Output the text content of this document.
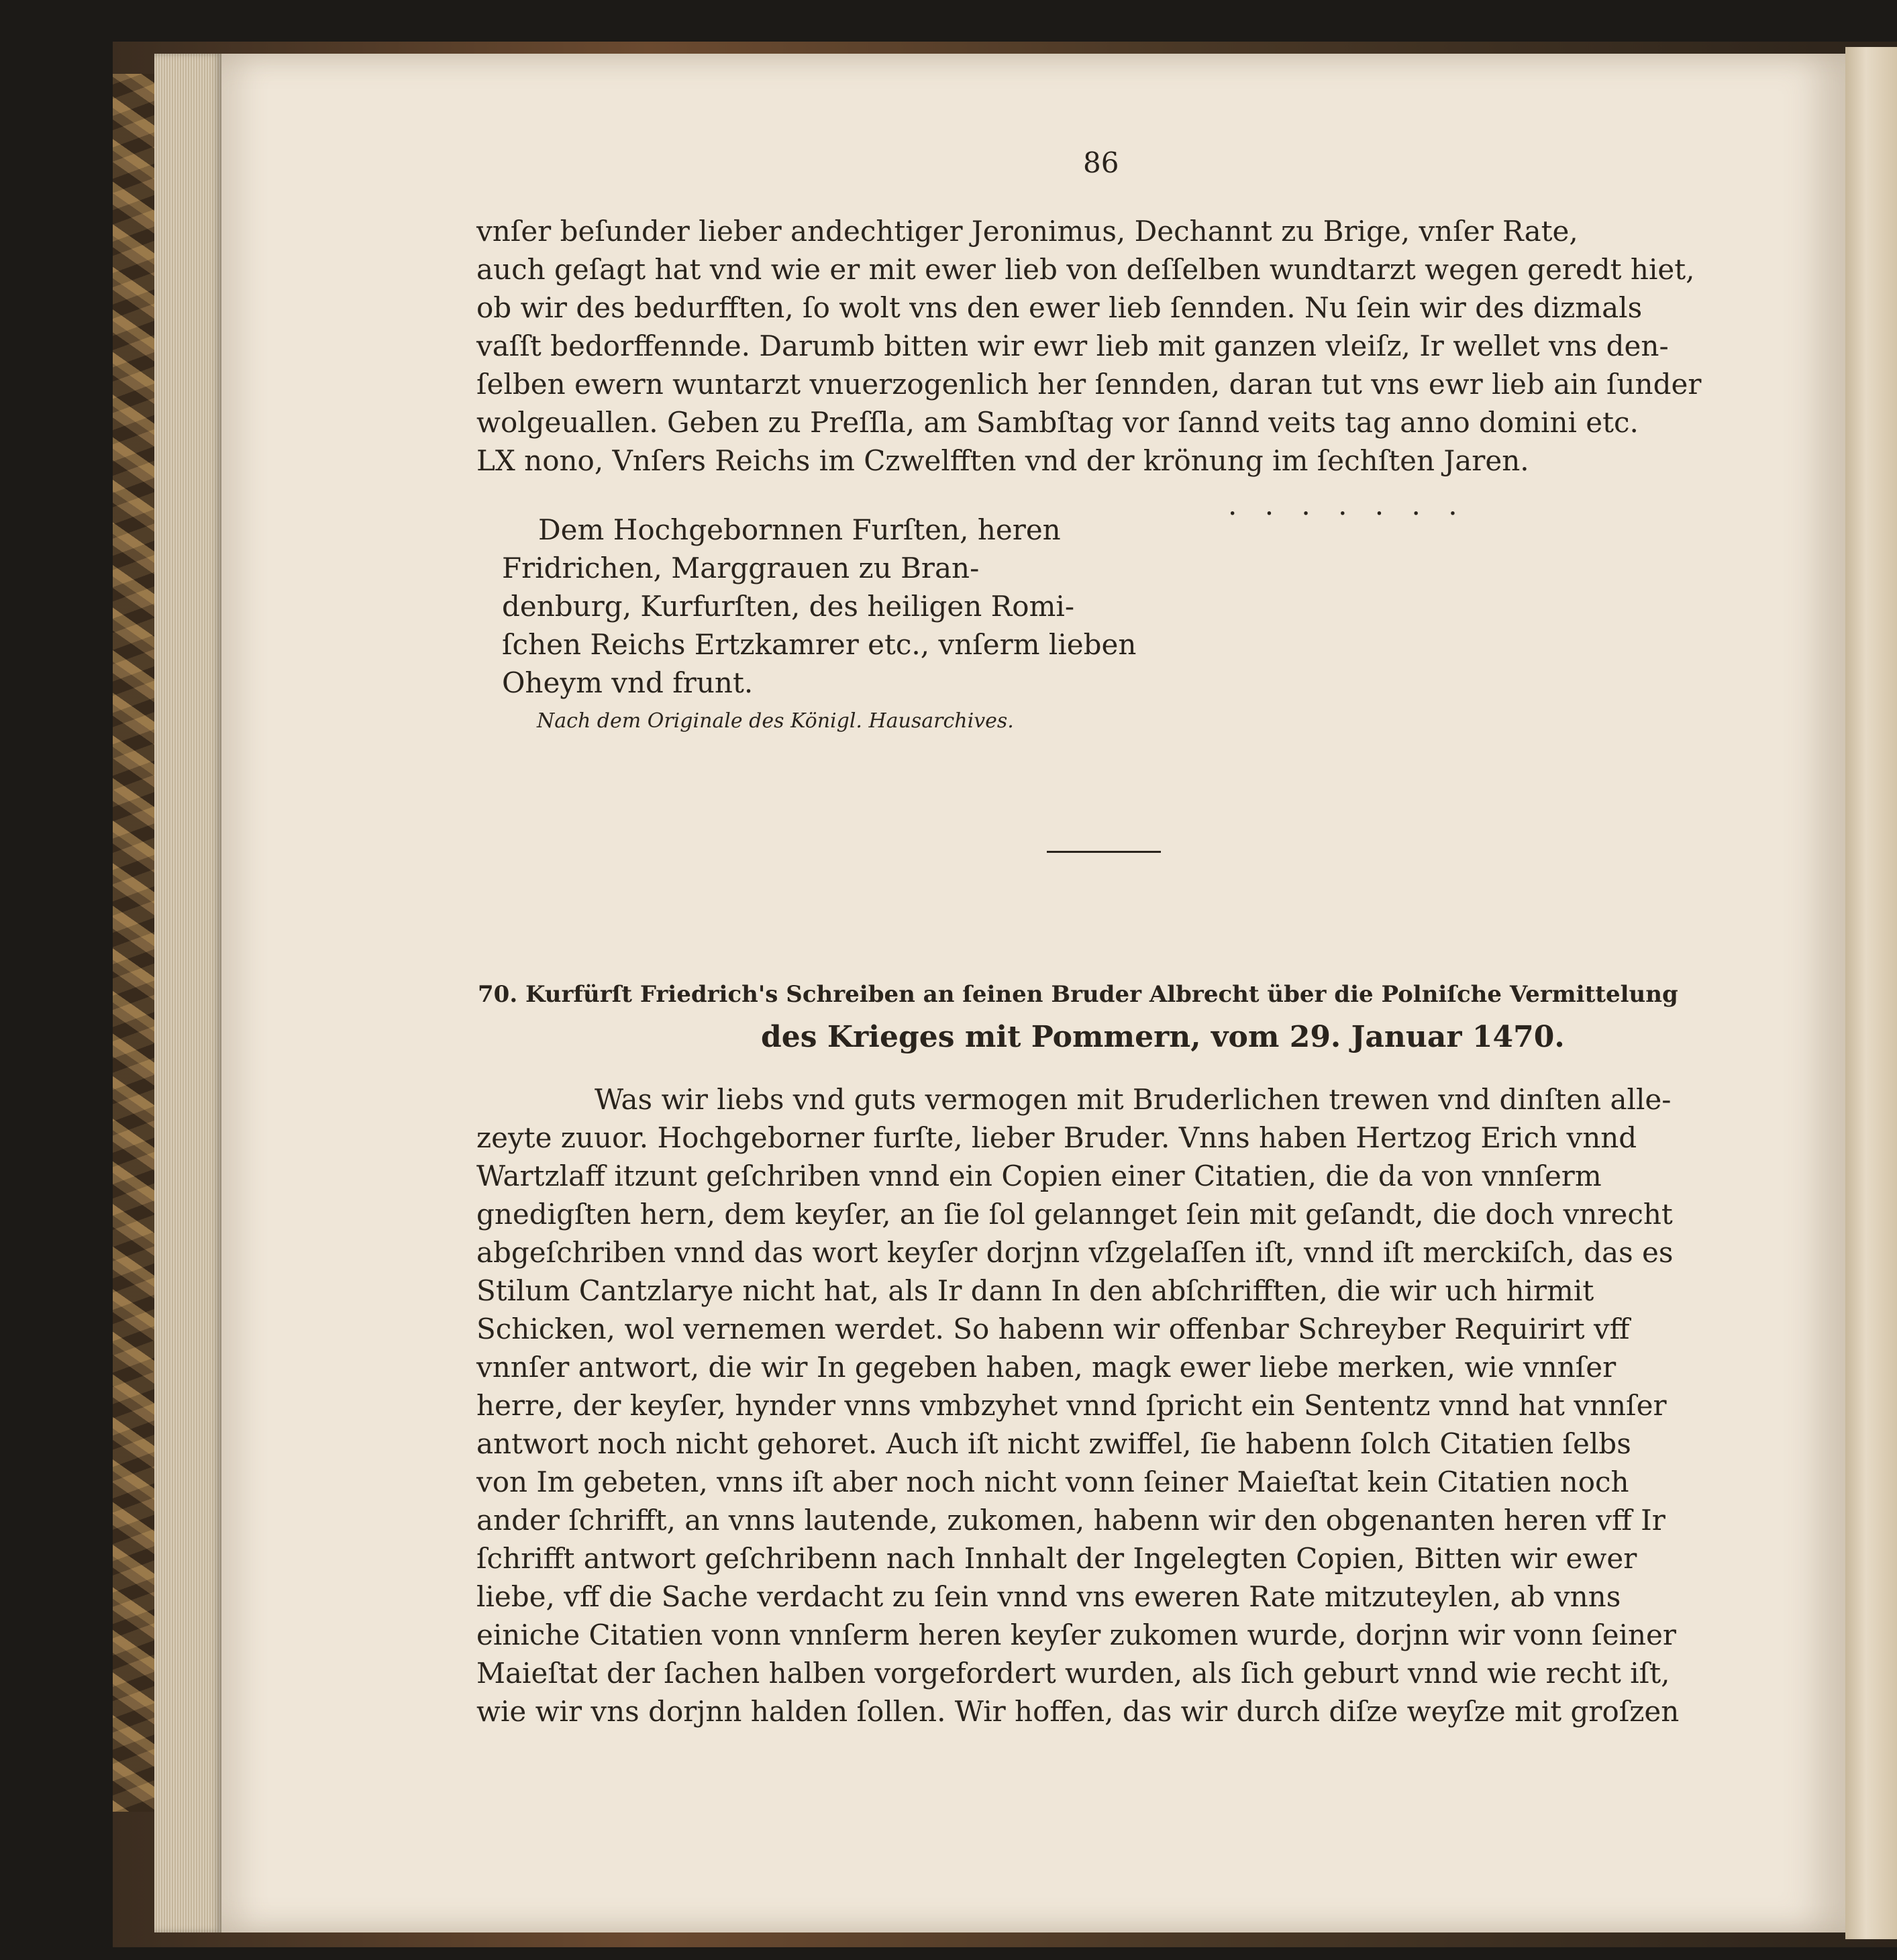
86
vnſer beſunder lieber andechtiger Jeronimus, Dechannt zu Brige, vnſer Rate,
auch geſagt hat vnd wie er mit ewer lieb von deſſelben wundtarzt wegen geredt hiet,
ob wir des bedurfften, ſo wolt vns den ewer lieb ſennden. Nu ſein wir des dizmals
vaſſt bedorffennde. Darumb bitten wir ewr lieb mit ganzen vleiſz, Ir wellet vns den-
ſelben ewern wuntarzt vnuerzogenlich her ſennden, daran tut vns ewr lieb ain ſunder
wolgeuallen. Geben zu Preſſla, am Sambſtag vor ſannd veits tag anno domini etc.
LX nono, Vnſers Reichs im Czwelfften vnd der krönung im ſechſten Jaren.
. . . . . . .
Dem Hochgebornnen Furſten, heren
Fridrichen, Marggrauen zu Bran-
denburg, Kurfurſten, des heiligen Romi-
ſchen Reichs Ertzkamrer etc., vnſerm lieben
Oheym vnd frunt.
Nach dem Originale des Königl. Hausarchives.
70. Kurfürſt Friedrich's Schreiben an ſeinen Bruder Albrecht über die Polniſche Vermittelung
des Krieges mit Pommern, vom 29. Januar 1470.
Was wir liebs vnd guts vermogen mit Bruderlichen trewen vnd dinſten alle-
zeyte zuuor. Hochgeborner furſte, lieber Bruder. Vnns haben Hertzog Erich vnnd
Wartzlaff itzunt geſchriben vnnd ein Copien einer Citatien, die da von vnnſerm
gnedigſten hern, dem keyſer, an ſie ſol gelannget ſein mit geſandt, die doch vnrecht
abgeſchriben vnnd das wort keyſer dorjnn vſzgelaſſen iſt, vnnd iſt merckiſch, das es
Stilum Cantzlarye nicht hat, als Ir dann In den abſchrifften, die wir uch hirmit
Schicken, wol vernemen werdet. So habenn wir offenbar Schreyber Requirirt vff
vnnſer antwort, die wir In gegeben haben, magk ewer liebe merken, wie vnnſer
herre, der keyſer, hynder vnns vmbzyhet vnnd ſpricht ein Sententz vnnd hat vnnſer
antwort noch nicht gehoret. Auch iſt nicht zwiffel, ſie habenn ſolch Citatien ſelbs
von Im gebeten, vnns iſt aber noch nicht vonn ſeiner Maieſtat kein Citatien noch
ander ſchrifft, an vnns lautende, zukomen, habenn wir den obgenanten heren vff Ir
ſchrifft antwort geſchribenn nach Innhalt der Ingelegten Copien, Bitten wir ewer
liebe, vff die Sache verdacht zu ſein vnnd vns eweren Rate mitzuteylen, ab vnns
einiche Citatien vonn vnnſerm heren keyſer zukomen wurde, dorjnn wir vonn ſeiner
Maieſtat der ſachen halben vorgefordert wurden, als ſich geburt vnnd wie recht iſt,
wie wir vns dorjnn halden ſollen. Wir hoffen, das wir durch diſze weyſze mit groſzen
